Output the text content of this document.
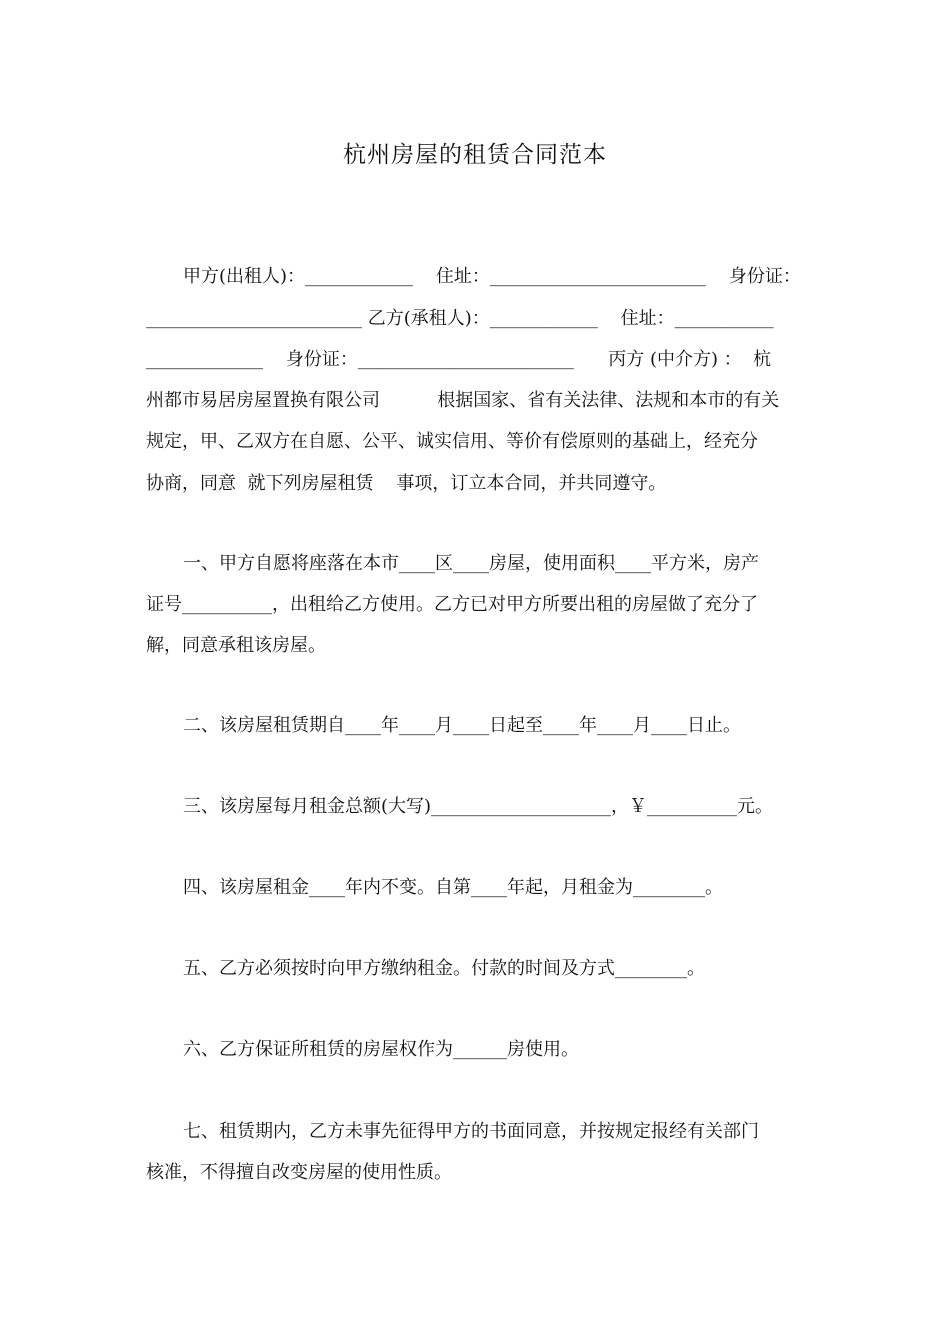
杭州房屋的租赁合同范本

甲方(出租人)：____________    住址：________________________    身份证：

________________________ 乙方(承租人)：____________    住址：___________

_____________    身份证：________________________      丙方 (中介方) ：  杭

州都市易居房屋置换有限公司          根据国家、省有关法律、法规和本市的有关

规定，甲、乙双方在自愿、公平、诚实信用、等价有偿原则的基础上，经充分

协商，同意  就下列房屋租赁    事项，订立本合同，并共同遵守。

一、甲方自愿将座落在本市____区____房屋，使用面积____平方米，房产

证号__________，出租给乙方使用。乙方已对甲方所要出租的房屋做了充分了

解，同意承租该房屋。

二、该房屋租赁期自____年____月____日起至____年____月____日止。

三、该房屋每月租金总额(大写)____________________，￥__________元。

四、该房屋租金____年内不变。自第____年起，月租金为________。

五、乙方必须按时向甲方缴纳租金。付款的时间及方式________。

六、乙方保证所租赁的房屋权作为______房使用。

七、租赁期内，乙方未事先征得甲方的书面同意，并按规定报经有关部门

核准，不得擅自改变房屋的使用性质。
